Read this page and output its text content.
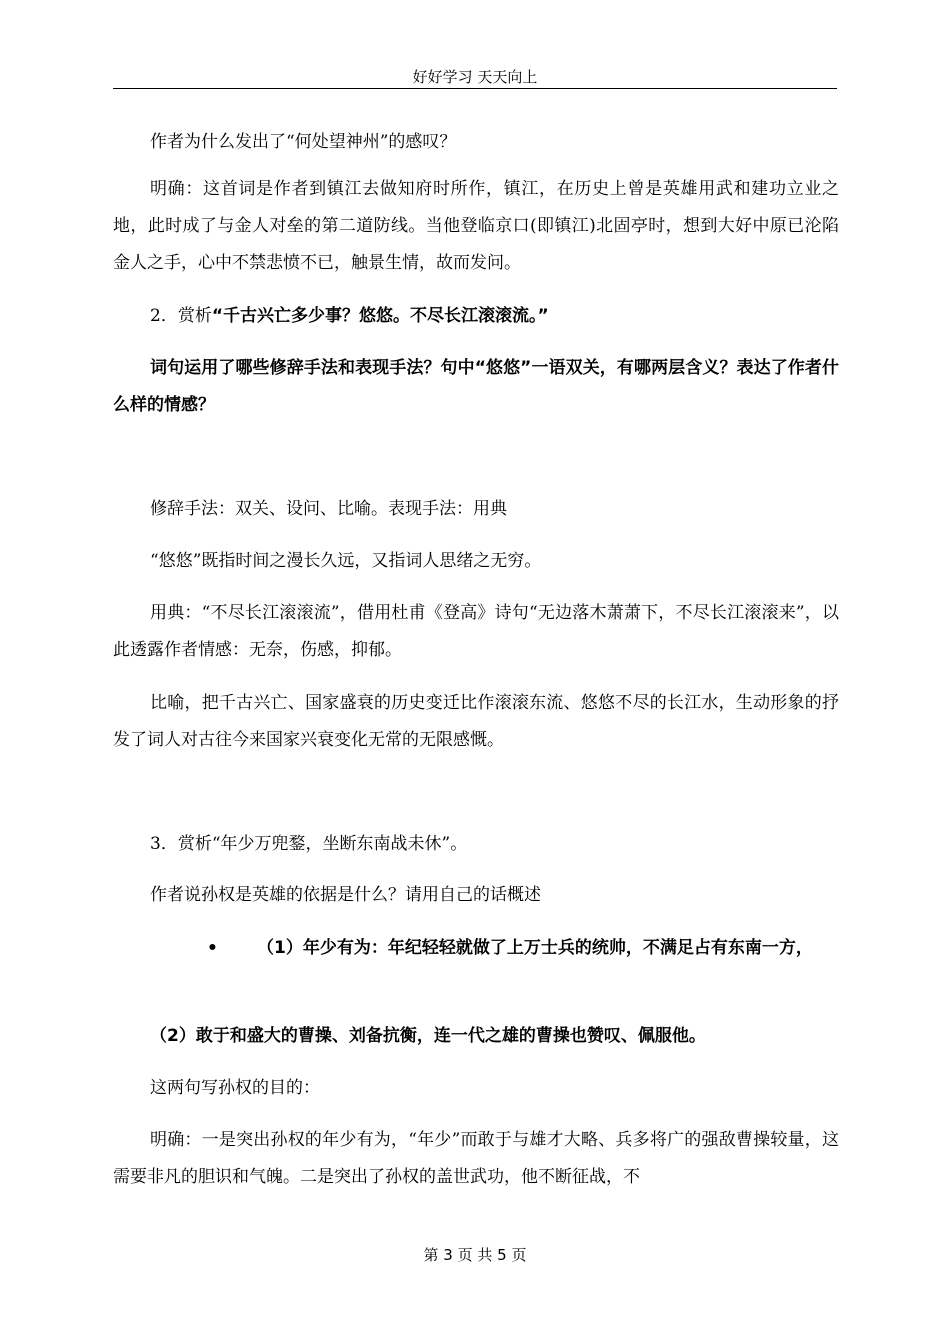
好好学习 天天向上

作者为什么发出了“何处望神州”的感叹？

明确：这首词是作者到镇江去做知府时所作，镇江，在历史上曾是英雄用武和建功立业之地，此时成了与金人对垒的第二道防线。当他登临京口(即镇江)北固亭时，想到大好中原已沦陷金人之手，心中不禁悲愤不已，触景生情，故而发问。

2．赏析“千古兴亡多少事？悠悠。不尽长江滚滚流。”

词句运用了哪些修辞手法和表现手法？句中“悠悠”一语双关，有哪两层含义？表达了作者什么样的情感？

修辞手法：双关、设问、比喻。表现手法：用典

“悠悠”既指时间之漫长久远，又指词人思绪之无穷。

用典：“不尽长江滚滚流”，借用杜甫《登高》诗句“无边落木萧萧下，不尽长江滚滚来”，以此透露作者情感：无奈，伤感，抑郁。

比喻，把千古兴亡、国家盛衰的历史变迁比作滚滚东流、悠悠不尽的长江水，生动形象的抒发了词人对古往今来国家兴衰变化无常的无限感慨。

3．赏析“年少万兜鍪，坐断东南战未休”。

作者说孙权是英雄的依据是什么？请用自己的话概述

•	（1）年少有为：年纪轻轻就做了上万士兵的统帅，不满足占有东南一方，

（2）敢于和盛大的曹操、刘备抗衡，连一代之雄的曹操也赞叹、佩服他。

这两句写孙权的目的：

明确：一是突出孙权的年少有为，“年少”而敢于与雄才大略、兵多将广的强敌曹操较量，这需要非凡的胆识和气魄。二是突出了孙权的盖世武功，他不断征战，不

第 3 页 共 5 页
